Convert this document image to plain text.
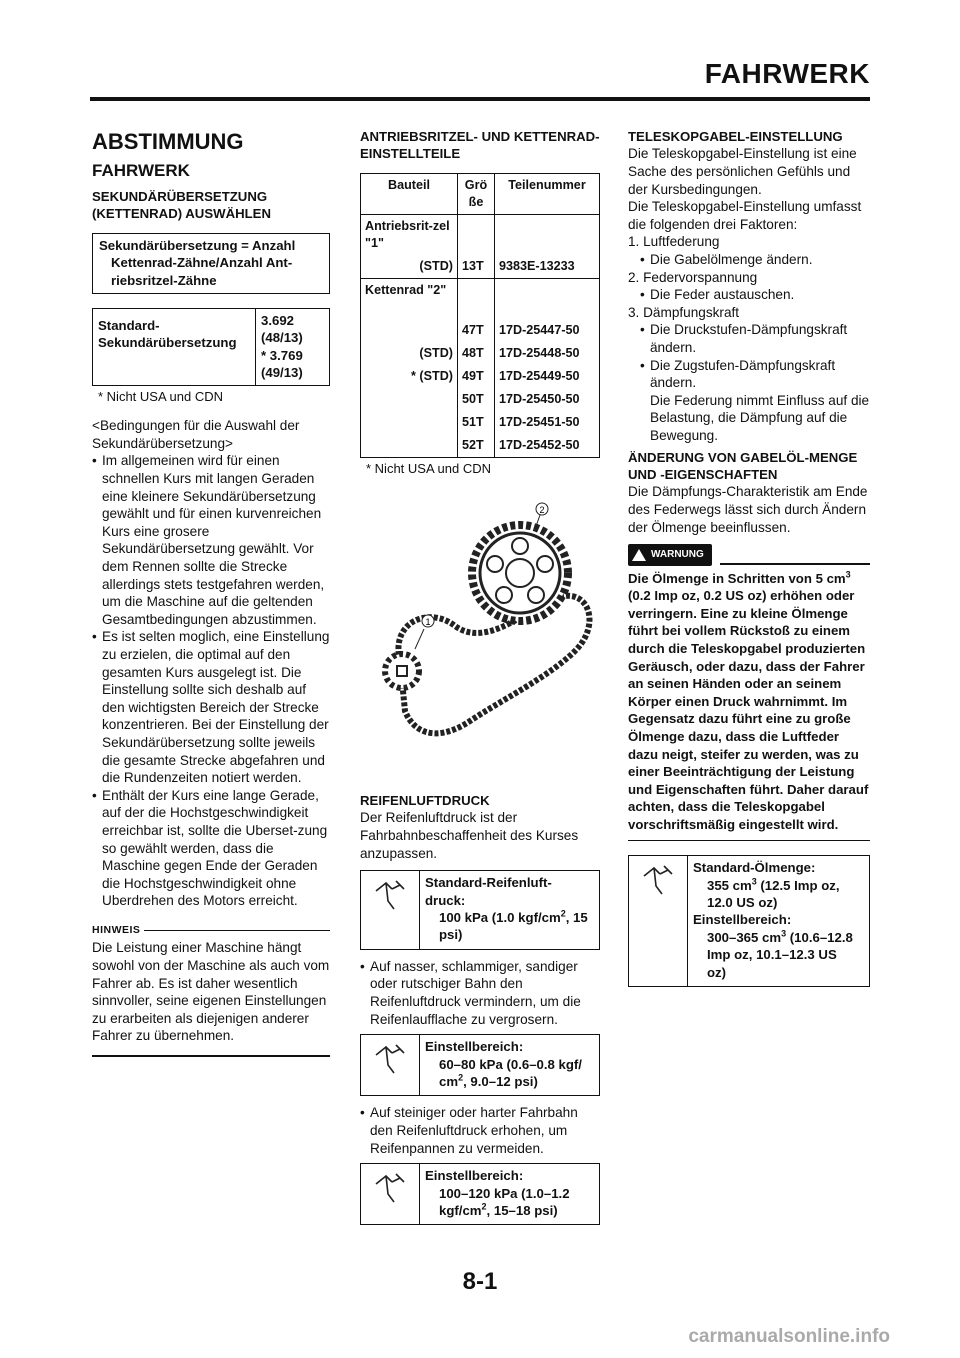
FAHRWERK
ABSTIMMUNG
FAHRWERK
SEKUNDÄRÜBERSETZUNG (KETTENRAD) AUSWÄHLEN
Sekundärübersetzung = Anzahl
Kettenrad-Zähne/Anzahl Ant-
riebsritzel-Zähne
Standard-Sekundärübersetzung
3.692
(48/13)
* 3.769
(49/13)
* Nicht USA und CDN

<Bedingungen für die Auswahl der Sekundärübersetzung>

• Im allgemeinen wird für einen schnellen Kurs mit langen Geraden eine kleinere Sekundärübersetzung gewählt und für einen kurvenreichen Kurs eine grosere Sekundärübersetzung gewählt. Vor dem Rennen sollte die Strecke allerdings stets testgefahren werden, um die Maschine auf die geltenden Gesamtbedingungen abzustimmen.
• Es ist selten moglich, eine Einstellung zu erzielen, die optimal auf den gesamten Kurs ausgelegt ist. Die Einstellung sollte sich deshalb auf den wichtigsten Bereich der Strecke konzentrieren. Bei der Einstellung der Sekundärübersetzung sollte jeweils die gesamte Strecke abgefahren und die Rundenzeiten notiert werden.
• Enthält der Kurs eine lange Gerade, auf der die Hochstgeschwindigkeit erreichbar ist, sollte die Uberset-zung so gewählt werden, dass die Maschine gegen Ende der Geraden die Hochstgeschwindigkeit ohne Uberdrehen des Motors erreicht.
HINWEIS

Die Leistung einer Maschine hängt sowohl von der Maschine als auch vom Fahrer ab. Es ist daher wesentlich sinnvoller, seine eigenen Einstellungen zu erarbeiten als diejenigen anderer Fahrer zu übernehmen.

ANTRIEBSRITZEL- UND KETTENRAD-EINSTELLTEILE
Bauteil	Grö ße	Teilenummer
Antriebsrit-zel "1"		
(STD)	13T	9383E-13233
Kettenrad "2"		
	47T	17D-25447-50
(STD)	48T	17D-25448-50
* (STD)	49T	17D-25449-50
	50T	17D-25450-50
	51T	17D-25451-50
	52T	17D-25452-50
* Nicht USA und CDN
1
2
REIFENLUFTDRUCK

Der Reifenluftdruck ist der Fahrbahnbeschaffenheit des Kurses anzupassen.

Standard-Reifenluft-
druck:
100 kPa (1.0 kgf/$cm^2$, 15 psi)
• Auf nasser, schlammiger, sandiger oder rutschiger Bahn den Reifenluftdruck vermindern, um die Reifenlaufflache zu vergrosern.
Einstellbereich:
60–80 kPa (0.6–0.8 kgf/
$cm^2$, 9.0–12 psi)
• Auf steiniger oder harter Fahrbahn den Reifenluftdruck erhohen, um Reifenpannen zu vermeiden.
Einstellbereich:
100–120 kPa (1.0–1.2
kgf/$cm^2$, 15–18 psi)
TELESKOPGABEL-EINSTELLUNG

Die Teleskopgabel-Einstellung ist eine Sache des persönlichen Gefühls und der Kursbedingungen.

Die Teleskopgabel-Einstellung umfasst die folgenden drei Faktoren:

1. Luftfederung
• Die Gabelölmenge ändern.
2. Federvorspannung
• Die Feder austauschen.
3. Dämpfungskraft
• Die Druckstufen-Dämpfungskraft ändern.
• Die Zugstufen-Dämpfungskraft ändern.
Die Federung nimmt Einfluss auf die Belastung, die Dämpfung auf die Bewegung.
ÄNDERUNG VON GABELÖL-MENGE UND -EIGENSCHAFTEN

Die Dämpfungs-Charakteristik am Ende des Federwegs lässt sich durch Ändern der Ölmenge beeinflussen.

WARNUNG

Die Ölmenge in Schritten von 5 $cm^3$ (0.2 Imp oz, 0.2 US oz) erhöhen oder verringern. Eine zu kleine Ölmenge führt bei vollem Rückstoß zu einem durch die Teleskopgabel produzierten Geräusch, oder dazu, dass der Fahrer an seinen Händen oder an seinem Körper einen Druck wahrnimmt. Im Gegensatz dazu führt eine zu große Ölmenge dazu, dass die Luftfeder dazu neigt, steifer zu werden, was zu einer Beeinträchtigung der Leistung und Eigenschaften führt. Daher darauf achten, dass die Teleskopgabel vorschriftsmäßig eingestellt wird.

Standard-Ölmenge:
355 $cm^3$ (12.5 Imp oz,
12.0 US oz)
Einstellbereich:
300–365 $cm^3$ (10.6–12.8
Imp oz, 10.1–12.3 US
oz)
8-1
carmanualsonline.info
